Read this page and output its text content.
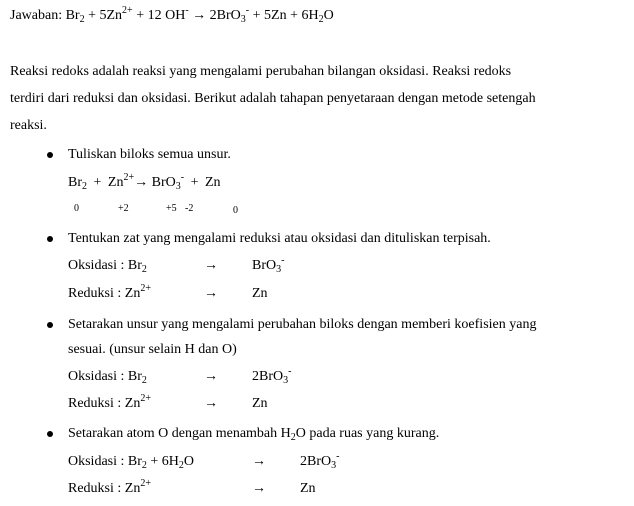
Jawaban: $Br_2 + 5Zn^{2+} + 12$ $OH^- \to 2BrO_3^- + 5Zn + 6H_2O$
Reaksi redoks adalah reaksi yang mengalami perubahan bilangan oksidasi. Reaksi redoks
terdiri dari reduksi dan oksidasi. Berikut adalah tahapan penyetaraan dengan metode setengah
reaksi.
Tuliskan biloks semua unsur.
$Br_2 + Zn^{2+}\to BrO_3^- + Zn$
0	+2	+5 -2	0
Tentukan zat yang mengalami reduksi atau oksidasi dan dituliskan terpisah.
Oksidasi : $Br_2$	→ BrO$_3$-
Reduksi : $Zn^{2+}$	→ Zn
Setarakan unsur yang mengalami perubahan biloks dengan memberi koefisien yang
sesuai. (unsur selain H dan O)
Oksidasi : $Br_2$	→ 2BrO$_3$-
Reduksi : $Zn^{2+}$	→ Zn
Setarakan atom O dengan menambah $H_2O$ pada ruas yang kurang.
Oksidasi : $Br_2 + 6H_2O$	→ 2BrO$_3$-
Reduksi : $Zn^{2+}$	→ Zn
